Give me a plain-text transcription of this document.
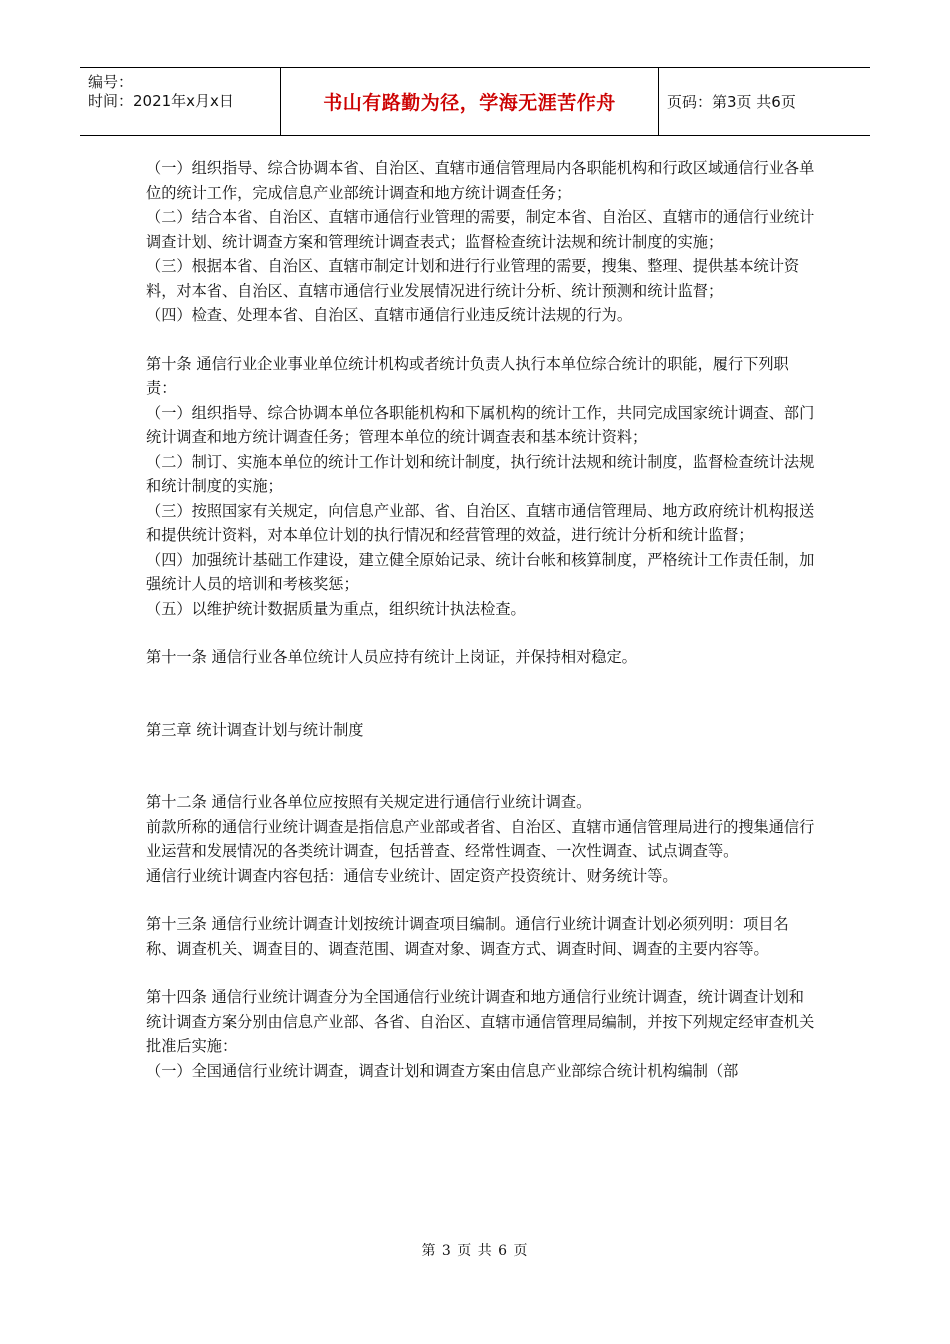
编号：
时间：2021年x月x日	书山有路勤为径，学海无涯苦作舟	页码：第3页 共6页

（一）组织指导、综合协调本省、自治区、直辖市通信管理局内各职能机构和行政区域通信行业各单位的统计工作，完成信息产业部统计调查和地方统计调查任务；

（二）结合本省、自治区、直辖市通信行业管理的需要，制定本省、自治区、直辖市的通信行业统计调查计划、统计调查方案和管理统计调查表式；监督检查统计法规和统计制度的实施；

（三）根据本省、自治区、直辖市制定计划和进行行业管理的需要，搜集、整理、提供基本统计资料，对本省、自治区、直辖市通信行业发展情况进行统计分析、统计预测和统计监督；

（四）检查、处理本省、自治区、直辖市通信行业违反统计法规的行为。

第十条 通信行业企业事业单位统计机构或者统计负责人执行本单位综合统计的职能，履行下列职责：

（一）组织指导、综合协调本单位各职能机构和下属机构的统计工作，共同完成国家统计调查、部门统计调查和地方统计调查任务；管理本单位的统计调查表和基本统计资料；

（二）制订、实施本单位的统计工作计划和统计制度，执行统计法规和统计制度，监督检查统计法规和统计制度的实施；

（三）按照国家有关规定，向信息产业部、省、自治区、直辖市通信管理局、地方政府统计机构报送和提供统计资料，对本单位计划的执行情况和经营管理的效益，进行统计分析和统计监督；

（四）加强统计基础工作建设，建立健全原始记录、统计台帐和核算制度，严格统计工作责任制，加强统计人员的培训和考核奖惩；

（五）以维护统计数据质量为重点，组织统计执法检查。

第十一条 通信行业各单位统计人员应持有统计上岗证，并保持相对稳定。

第三章 统计调查计划与统计制度

第十二条 通信行业各单位应按照有关规定进行通信行业统计调查。

前款所称的通信行业统计调查是指信息产业部或者省、自治区、直辖市通信管理局进行的搜集通信行业运营和发展情况的各类统计调查，包括普查、经常性调查、一次性调查、试点调查等。

通信行业统计调查内容包括：通信专业统计、固定资产投资统计、财务统计等。

第十三条 通信行业统计调查计划按统计调查项目编制。通信行业统计调查计划必须列明：项目名称、调查机关、调查目的、调查范围、调查对象、调查方式、调查时间、调查的主要内容等。

第十四条 通信行业统计调查分为全国通信行业统计调查和地方通信行业统计调查，统计调查计划和统计调查方案分别由信息产业部、各省、自治区、直辖市通信管理局编制，并按下列规定经审查机关批准后实施：

（一）全国通信行业统计调查，调查计划和调查方案由信息产业部综合统计机构编制（部

第 3 页 共 6 页
